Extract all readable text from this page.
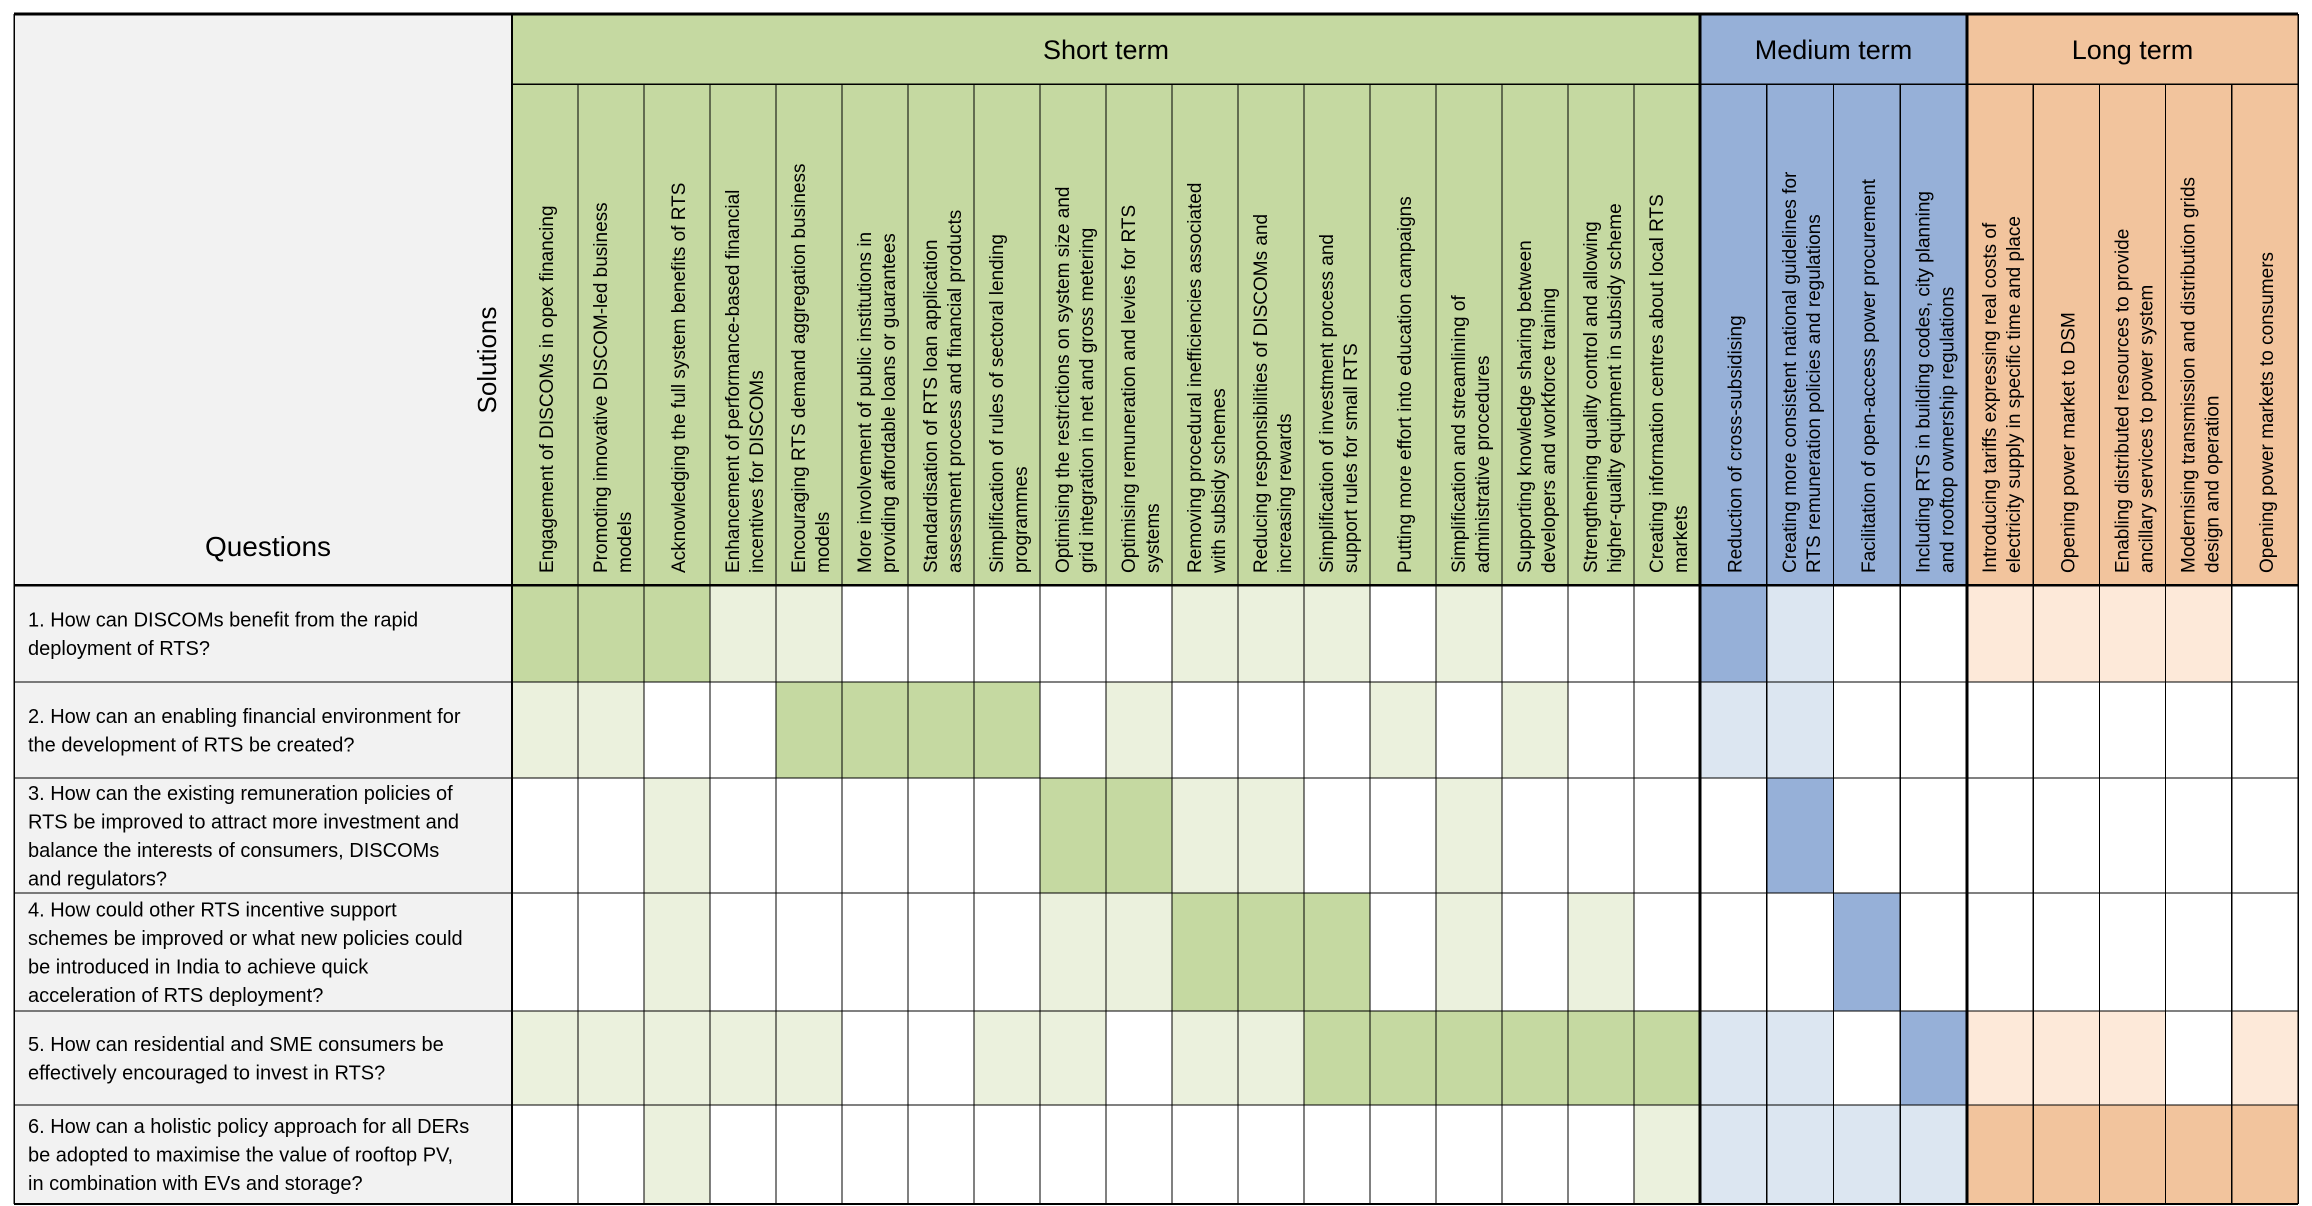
Short term	Medium term	Long term
Engagement of DISCOMs in opex financing Promoting innovative DISCOM-led business models Acknowledging the full system benefits of RTS Enhancement of performance-based financial incentives for DISCOMs Encouraging RTS demand aggregation business models More involvement of public institutions in providing affordable loans or guarantees Standardisation of RTS loan application assessment process and financial products Simplification of rules of sectoral lending programmes Optimising the restrictions on system size and grid integration in net and gross metering Optimising remuneration and levies for RTS systems Removing procedural inefficiencies associated with subsidy schemes Reducing responsibilities of DISCOMs and increasing rewards Simplification of investment process and support rules for small RTS Putting more effort into education campaigns Simplification and streamlining of administrative procedures Supporting knowledge sharing between developers and workforce training Strengthening quality control and allowing higher-quality equipment in subsidy scheme Creating information centres about local RTS markets Reduction of cross-subsidising Creating more consistent national guidelines for RTS remuneration policies and regulations Facilitation of open-access power procurement Including RTS in building codes, city planning and rooftop ownership regulations Introducing tariffs expressing real costs of electricity supply in specific time and place Opening power market to DSM Enabling distributed resources to provide ancillary services to power system Modernising transmission and distribution grids design and operation Opening power markets to consumers
1. How can DISCOMs benefit from the rapid deployment of RTS?
2. How can an enabling financial environment for the development of RTS be created?
3. How can the existing remuneration policies of RTS be improved to attract more investment and balance the interests of consumers, DISCOMs and regulators?
4. How could other RTS incentive support schemes be improved or what new policies could be introduced in India to achieve quick acceleration of RTS deployment?
5. How can residential and SME consumers be effectively encouraged to invest in RTS?
6. How can a holistic policy approach for all DERs be adopted to maximise the value of rooftop PV, in combination with EVs and storage?
Solutions
Questions
